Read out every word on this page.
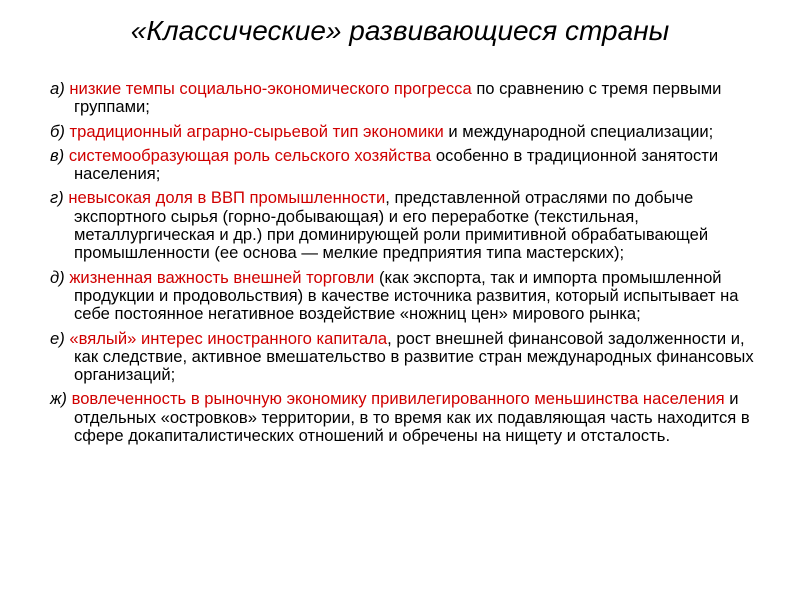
«Классические» развивающиеся страны
а) низкие темпы социально-экономического прогресса по сравнению с тремя первыми группами;
б) традиционный аграрно-сырьевой тип экономики и международной специализации;
в) системообразующая роль сельского хозяйства особенно в традиционной занятости населения;
г) невысокая доля в ВВП промышленности, представленной отраслями по добыче экспортного сырья (горно-добывающая) и его переработке (текстильная, металлургическая и др.) при доминирующей роли примитивной обрабатывающей промышленности (ее основа — мелкие предприятия типа мастерских);
д) жизненная важность внешней торговли (как экспорта, так и импорта промышленной продукции и продовольствия) в качестве источника развития, который испытывает на себе постоянное негативное воздействие «ножниц цен» мирового рынка;
е) «вялый» интерес иностранного капитала, рост внешней финансовой задолженности и, как следствие, активное вмешательство в развитие стран международных финансовых организаций;
ж) вовлеченность в рыночную экономику привилегированного меньшинства населения и отдельных «островков» территории, в то время как их подавляющая часть находится в сфере докапиталистических отношений и обречены на нищету и отсталость.
